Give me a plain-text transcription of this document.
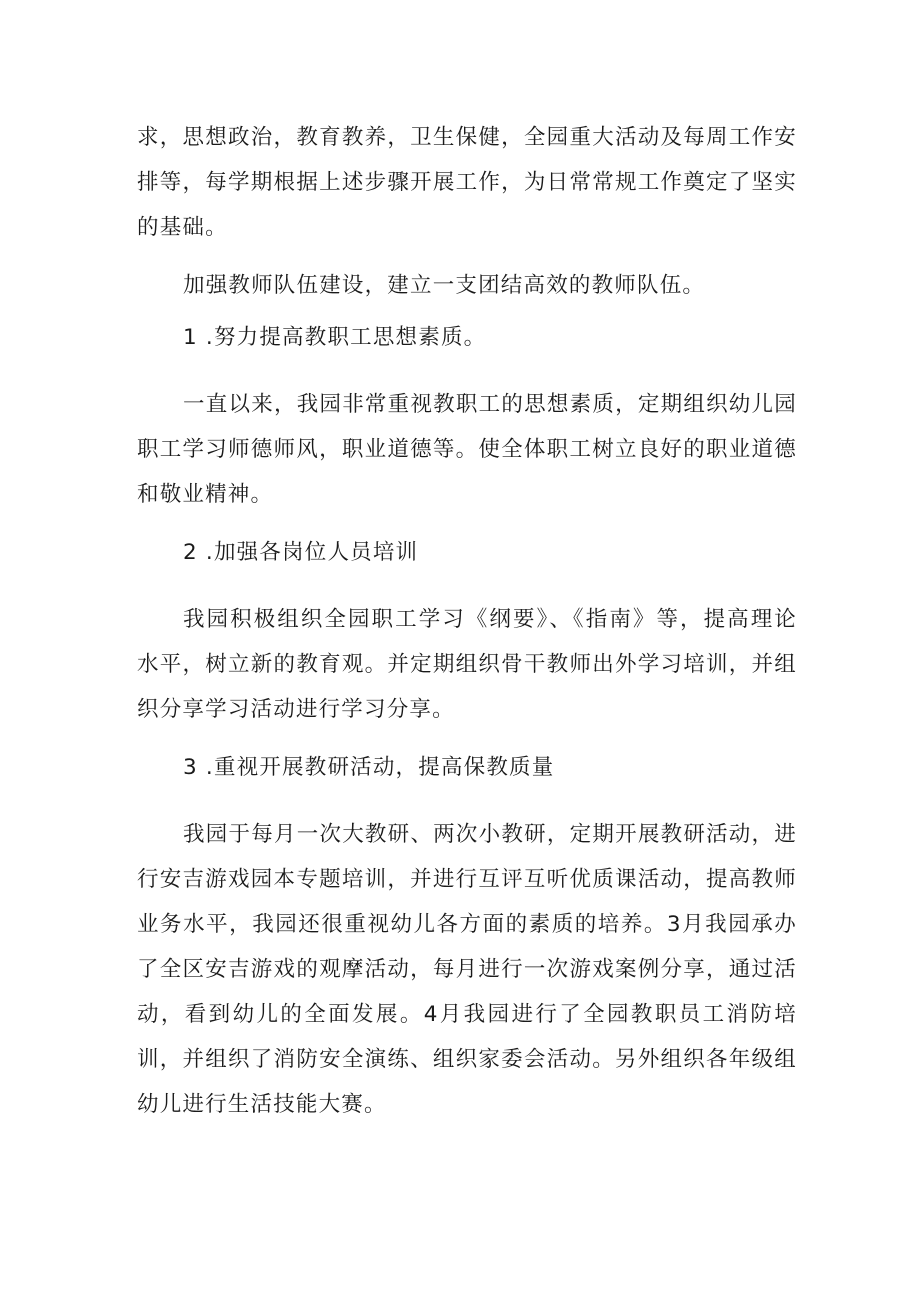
求，思想政治，教育教养，卫生保健，全园重大活动及每周工作安排等，每学期根据上述步骤开展工作，为日常常规工作奠定了坚实的基础。
加强教师队伍建设，建立一支团结高效的教师队伍。
1 .努力提高教职工思想素质。
一直以来，我园非常重视教职工的思想素质，定期组织幼儿园职工学习师德师风，职业道德等。使全体职工树立良好的职业道德和敬业精神。
2 .加强各岗位人员培训
我园积极组织全园职工学习《纲要》、《指南》等，提高理论水平，树立新的教育观。并定期组织骨干教师出外学习培训，并组织分享学习活动进行学习分享。
3 .重视开展教研活动，提高保教质量
我园于每月一次大教研、两次小教研，定期开展教研活动，进行安吉游戏园本专题培训，并进行互评互听优质课活动，提高教师业务水平，我园还很重视幼儿各方面的素质的培养。3月我园承办了全区安吉游戏的观摩活动，每月进行一次游戏案例分享，通过活动，看到幼儿的全面发展。4月我园进行了全园教职员工消防培训，并组织了消防安全演练、组织家委会活动。另外组织各年级组幼儿进行生活技能大赛。
